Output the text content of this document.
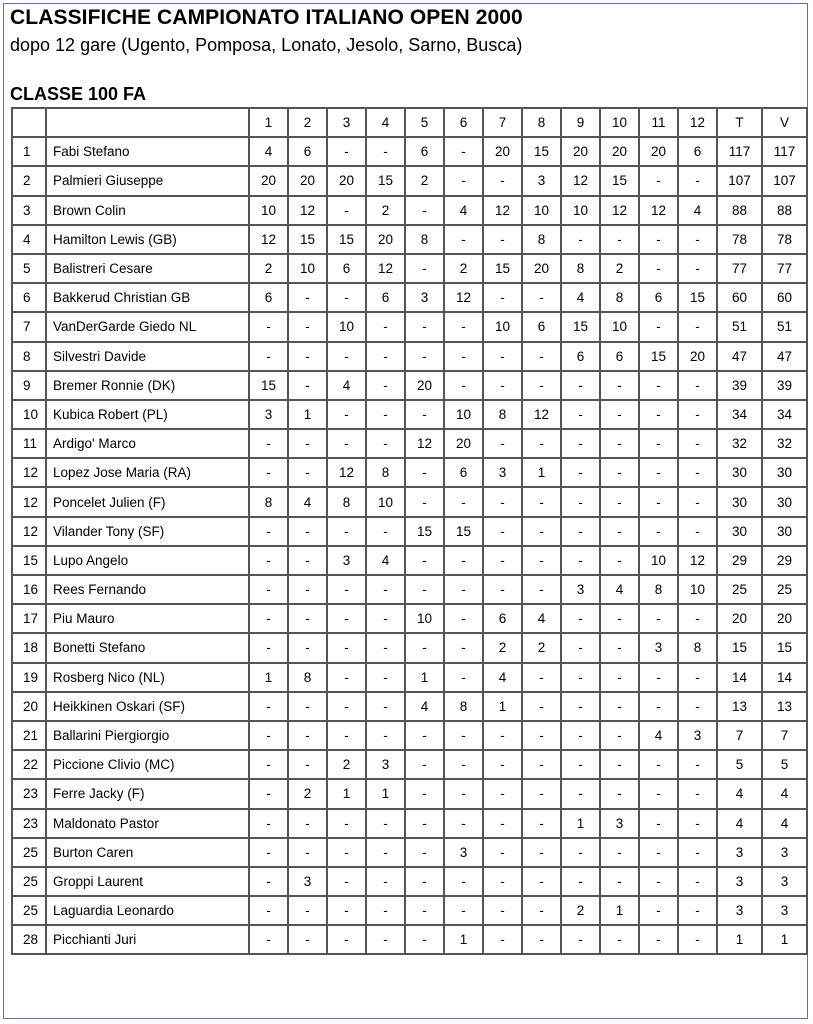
CLASSIFICHE CAMPIONATO ITALIANO OPEN 2000
dopo 12 gare (Ugento, Pomposa, Lonato, Jesolo, Sarno, Busca)
CLASSE 100 FA
		1	2	3	4	5	6	7	8	9	10	11	12	T	V
1	Fabi Stefano	4	6	-	-	6	-	20	15	20	20	20	6	117	117
2	Palmieri Giuseppe	20	20	20	15	2	-	-	3	12	15	-	-	107	107
3	Brown Colin	10	12	-	2	-	4	12	10	10	12	12	4	88	88
4	Hamilton Lewis (GB)	12	15	15	20	8	-	-	8	-	-	-	-	78	78
5	Balistreri Cesare	2	10	6	12	-	2	15	20	8	2	-	-	77	77
6	Bakkerud Christian GB	6	-	-	6	3	12	-	-	4	8	6	15	60	60
7	VanDerGarde Giedo NL	-	-	10	-	-	-	10	6	15	10	-	-	51	51
8	Silvestri Davide	-	-	-	-	-	-	-	-	6	6	15	20	47	47
9	Bremer Ronnie (DK)	15	-	4	-	20	-	-	-	-	-	-	-	39	39
10	Kubica Robert (PL)	3	1	-	-	-	10	8	12	-	-	-	-	34	34
11	Ardigo' Marco	-	-	-	-	12	20	-	-	-	-	-	-	32	32
12	Lopez Jose Maria (RA)	-	-	12	8	-	6	3	1	-	-	-	-	30	30
12	Poncelet Julien (F)	8	4	8	10	-	-	-	-	-	-	-	-	30	30
12	Vilander Tony (SF)	-	-	-	-	15	15	-	-	-	-	-	-	30	30
15	Lupo Angelo	-	-	3	4	-	-	-	-	-	-	10	12	29	29
16	Rees Fernando	-	-	-	-	-	-	-	-	3	4	8	10	25	25
17	Piu Mauro	-	-	-	-	10	-	6	4	-	-	-	-	20	20
18	Bonetti Stefano	-	-	-	-	-	-	2	2	-	-	3	8	15	15
19	Rosberg Nico (NL)	1	8	-	-	1	-	4	-	-	-	-	-	14	14
20	Heikkinen Oskari (SF)	-	-	-	-	4	8	1	-	-	-	-	-	13	13
21	Ballarini Piergiorgio	-	-	-	-	-	-	-	-	-	-	4	3	7	7
22	Piccione Clivio (MC)	-	-	2	3	-	-	-	-	-	-	-	-	5	5
23	Ferre Jacky (F)	-	2	1	1	-	-	-	-	-	-	-	-	4	4
23	Maldonato Pastor	-	-	-	-	-	-	-	-	1	3	-	-	4	4
25	Burton Caren	-	-	-	-	-	3	-	-	-	-	-	-	3	3
25	Groppi Laurent	-	3	-	-	-	-	-	-	-	-	-	-	3	3
25	Laguardia Leonardo	-	-	-	-	-	-	-	-	2	1	-	-	3	3
28	Picchianti Juri	-	-	-	-	-	1	-	-	-	-	-	-	1	1
